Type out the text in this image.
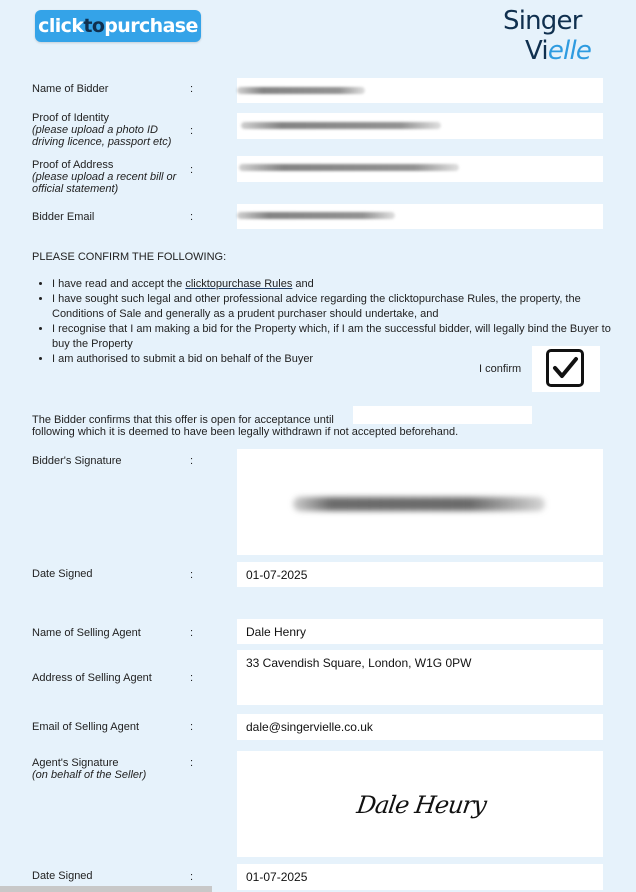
clicktopurchase	Singer
Vielle
Name of Bidder	:
Proof of Identity
(please upload a photo ID driving licence, passport etc)
:
Proof of Address
(please upload a recent bill or official statement)
:
Bidder Email	:
PLEASE CONFIRM THE FOLLOWING:
• I have read and accept the clicktopurchase Rules and
• I have sought such legal and other professional advice regarding the clicktopurchase Rules, the property, the Conditions of Sale and generally as a prudent purchaser should undertake, and
• I recognise that I am making a bid for the Property which, if I am the successful bidder, will legally bind the Buyer to buy the Property
• I am authorised to submit a bid on behalf of the Buyer
I confirm
The Bidder confirms that this offer is open for acceptance until
following which it is deemed to have been legally withdrawn if not accepted beforehand.
Bidder's Signature	:
Date Signed	:	01-07-2025
Name of Selling Agent	:	Dale Henry
Address of Selling Agent	:
33 Cavendish Square, London, W1G 0PW
Email of Selling Agent	:	dale@singervielle.co.uk
Agent's Signature
(on behalf of the Seller)
:
Dale Heury
Date Signed	:	01-07-2025
